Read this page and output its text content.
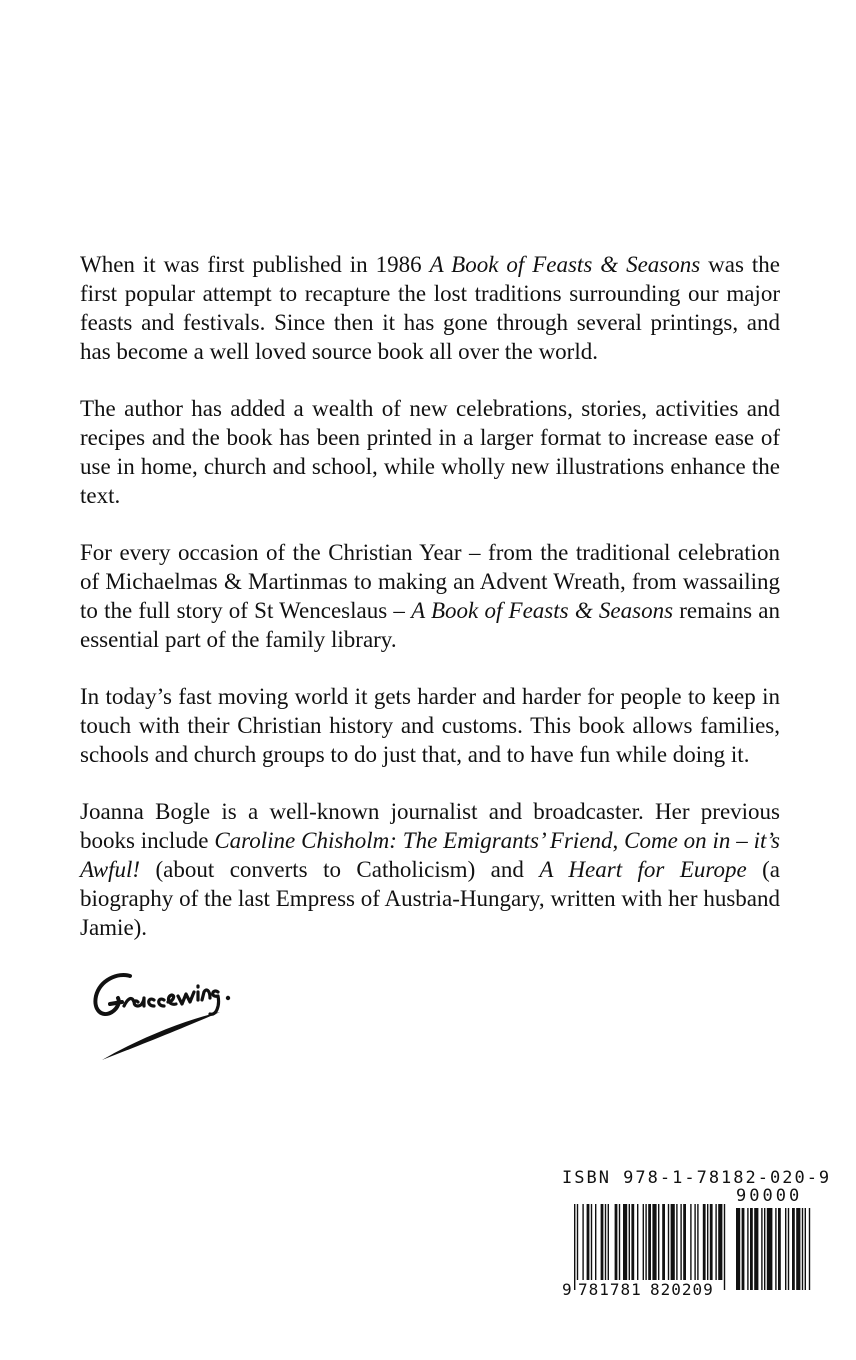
When it was first published in 1986 A Book of Feasts & Seasons was the first popular attempt to recapture the lost traditions surrounding our major feasts and festivals. Since then it has gone through several printings, and has become a well loved source book all over the world.

The author has added a wealth of new celebrations, stories, activities and recipes and the book has been printed in a larger format to increase ease of use in home, church and school, while wholly new illustrations enhance the text.

For every occasion of the Christian Year – from the traditional celebration of Michaelmas & Martinmas to making an Advent Wreath, from wassailing to the full story of St Wenceslaus – A Book of Feasts & Seasons remains an essential part of the family library.

In today’s fast moving world it gets harder and harder for people to keep in touch with their Christian history and customs. This book allows families, schools and church groups to do just that, and to have fun while doing it.

Joanna Bogle is a well-known journalist and broadcaster. Her previous books include Caroline Chisholm: The Emigrants’ Friend, Come on in – it’s Awful! (about converts to Catholicism) and A Heart for Europe (a biography of the last Empress of Austria-Hungary, written with her husband Jamie).

ISBN 978-1-78182-020-9
90000
9 781781 820209
